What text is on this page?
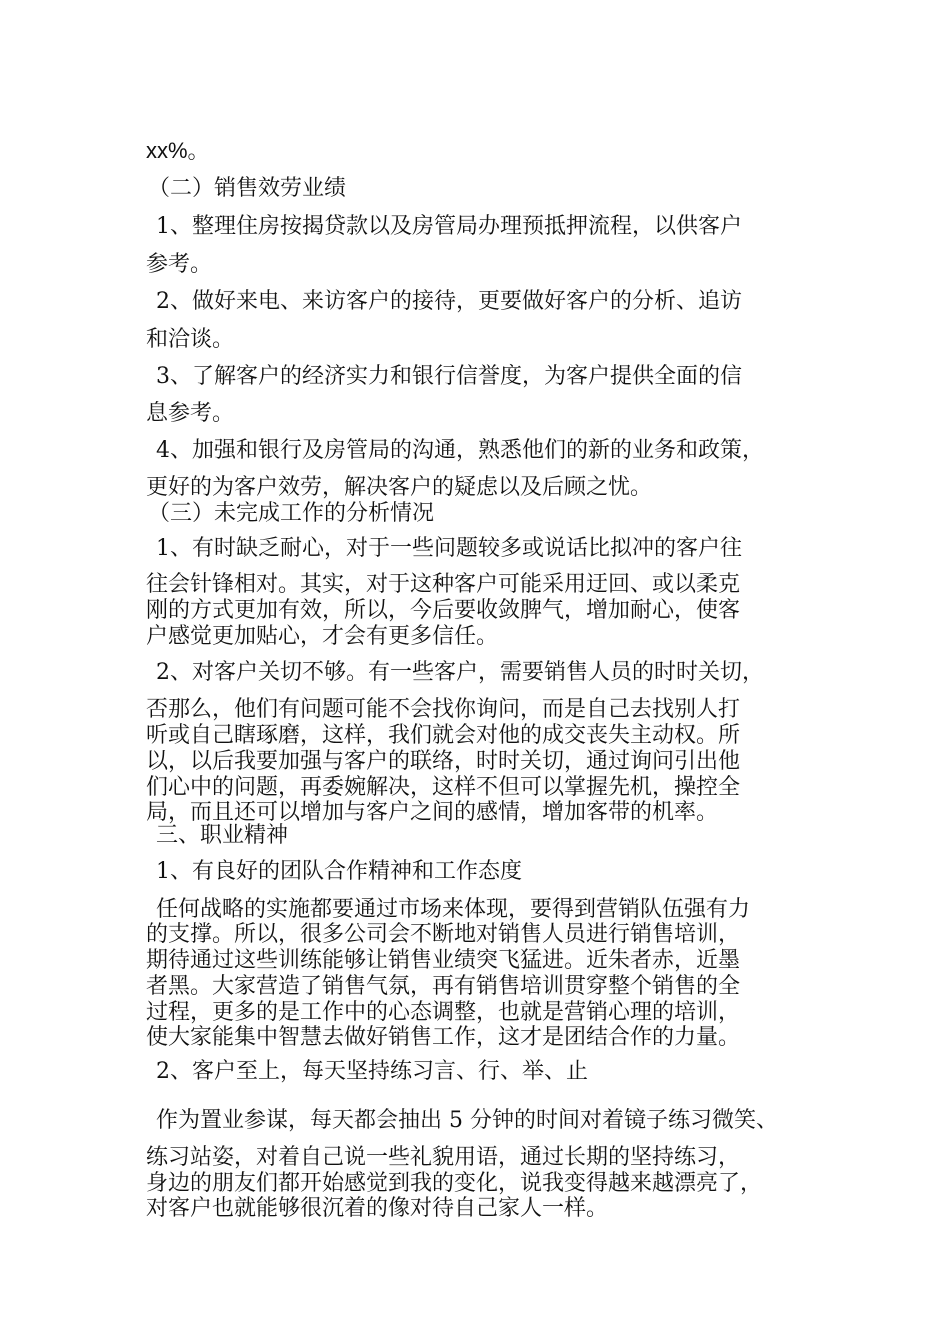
xx%。
（二）销售效劳业绩
1、整理住房按揭贷款以及房管局办理预抵押流程，以供客户
参考。
2、做好来电、来访客户的接待，更要做好客户的分析、追访
和洽谈。
3、了解客户的经济实力和银行信誉度，为客户提供全面的信
息参考。
4、加强和银行及房管局的沟通，熟悉他们的新的业务和政策，
更好的为客户效劳，解决客户的疑虑以及后顾之忧。
（三）未完成工作的分析情况
1、有时缺乏耐心，对于一些问题较多或说话比拟冲的客户往
往会针锋相对。其实，对于这种客户可能采用迂回、或以柔克
刚的方式更加有效，所以，今后要收敛脾气，增加耐心，使客
户感觉更加贴心，才会有更多信任。
2、对客户关切不够。有一些客户，需要销售人员的时时关切，
否那么，他们有问题可能不会找你询问，而是自己去找别人打
听或自己瞎琢磨，这样，我们就会对他的成交丧失主动权。所
以，以后我要加强与客户的联络，时时关切，通过询问引出他
们心中的问题，再委婉解决，这样不但可以掌握先机，操控全
局，而且还可以增加与客户之间的感情，增加客带的机率。
三、职业精神
1、有良好的团队合作精神和工作态度
任何战略的实施都要通过市场来体现，要得到营销队伍强有力
的支撑。所以，很多公司会不断地对销售人员进行销售培训，
期待通过这些训练能够让销售业绩突飞猛进。近朱者赤，近墨
者黑。大家营造了销售气氛，再有销售培训贯穿整个销售的全
过程，更多的是工作中的心态调整，也就是营销心理的培训，
使大家能集中智慧去做好销售工作，这才是团结合作的力量。
2、客户至上，每天坚持练习言、行、举、止
作为置业参谋，每天都会抽出 5 分钟的时间对着镜子练习微笑、
练习站姿，对着自己说一些礼貌用语，通过长期的坚持练习，
身边的朋友们都开始感觉到我的变化，说我变得越来越漂亮了，
对客户也就能够很沉着的像对待自己家人一样。
